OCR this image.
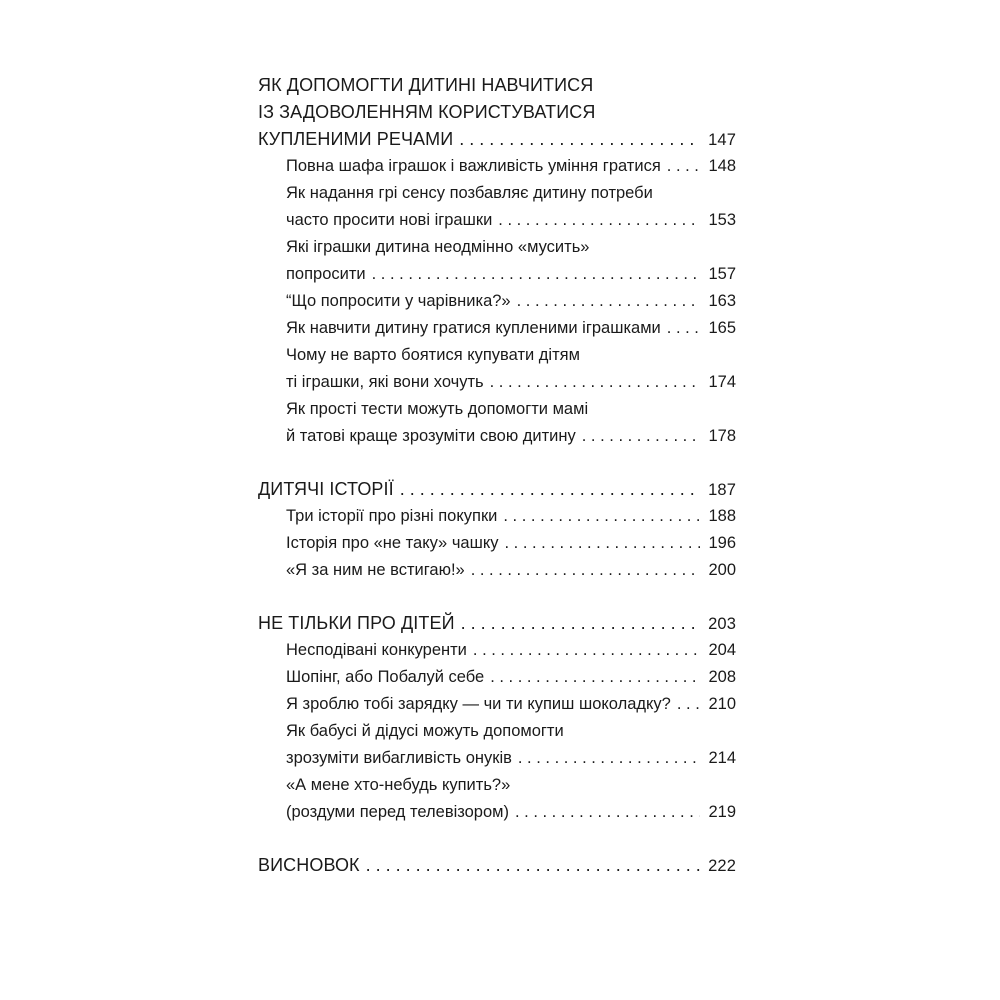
ЯК ДОПОМОГТИ ДИТИНІ НАВЧИТИСЯ
ІЗ ЗАДОВОЛЕННЯМ КОРИСТУВАТИСЯ
КУПЛЕНИМИ РЕЧАМИ . . .	147
Повна шафа іграшок і важливість уміння гратися . . .	148
Як надання грі сенсу позбавляє дитину потреби
часто просити нові іграшки . . .	153
Які іграшки дитина неодмінно «мусить»
попросити . . .	157
“Що попросити у чарівника?» . . .	163
Як навчити дитину гратися купленими іграшками . . .	165
Чому не варто боятися купувати дітям
ті іграшки, які вони хочуть . . .	174
Як прості тести можуть допомогти мамі
й татові краще зрозуміти свою дитину . . .	178
ДИТЯЧІ ІСТОРІЇ . . .	187
Три історії про різні покупки . . .	188
Історія про «не таку» чашку . . .	196
«Я за ним не встигаю!» . . .	200
НЕ ТІЛЬКИ ПРО ДІТЕЙ . . .	203
Несподівані конкуренти . . .	204
Шопінг, або Побалуй себе . . .	208
Я зроблю тобі зарядку — чи ти купиш шоколадку? . . . 210
Як бабусі й дідусі можуть допомогти
зрозуміти вибагливість онуків . . .	214
«А мене хто-небудь купить?»
(роздуми перед телевізором) . . .	219
ВИСНОВОК . . .	222
